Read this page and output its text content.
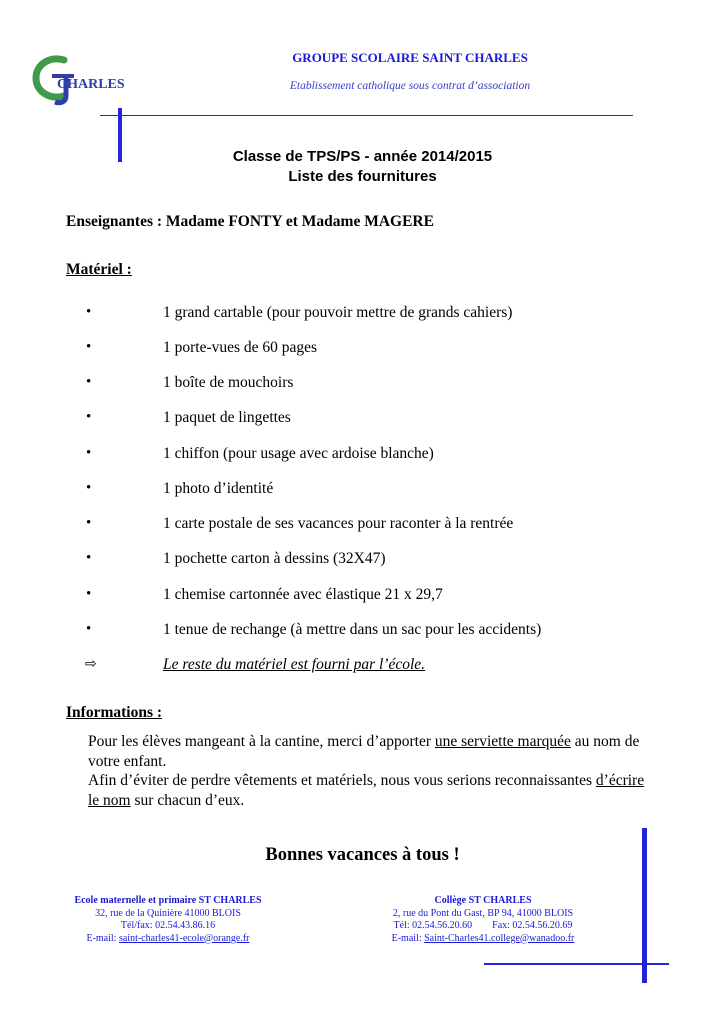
CHARLES
GROUPE SCOLAIRE SAINT CHARLES
Etablissement catholique sous contrat d’association
Classe de TPS/PS - année 2014/2015
Liste des fournitures
Enseignantes : Madame FONTY et Madame MAGERE
Matériel :
•	1 grand cartable (pour pouvoir mettre de grands cahiers)
•	1 porte-vues de 60 pages
•	1 boîte de mouchoirs
•	1 paquet de lingettes
•	1 chiffon (pour usage avec ardoise blanche)
•	1 photo d’identité
•	1 carte postale de ses vacances pour raconter à la rentrée
•	1 pochette carton à dessins (32X47)
•	1 chemise cartonnée avec élastique 21 x 29,7
•	1 tenue de rechange (à mettre dans un sac pour les accidents)
⇨	Le reste du matériel est fourni par l’école.
Informations :

Pour les élèves mangeant à la cantine, merci d’apporter une serviette marquée au nom de votre enfant.

Afin d’éviter de perdre vêtements et matériels, nous vous serions reconnaissantes d’écrire le nom sur chacun d’eux.

Bonnes vacances à tous !
Ecole maternelle et primaire ST CHARLES
32, rue de la Quinière 41000 BLOIS
Tél/fax: 02.54.43.86.16
E-mail: saint-charles41-ecole@orange.fr
Collège ST CHARLES
2, rue du Pont du Gast, BP 94, 41000 BLOIS
Tél: 02.54.56.20.60        Fax: 02.54.56.20.69
E-mail: Saint-Charles41.college@wanadoo.fr
